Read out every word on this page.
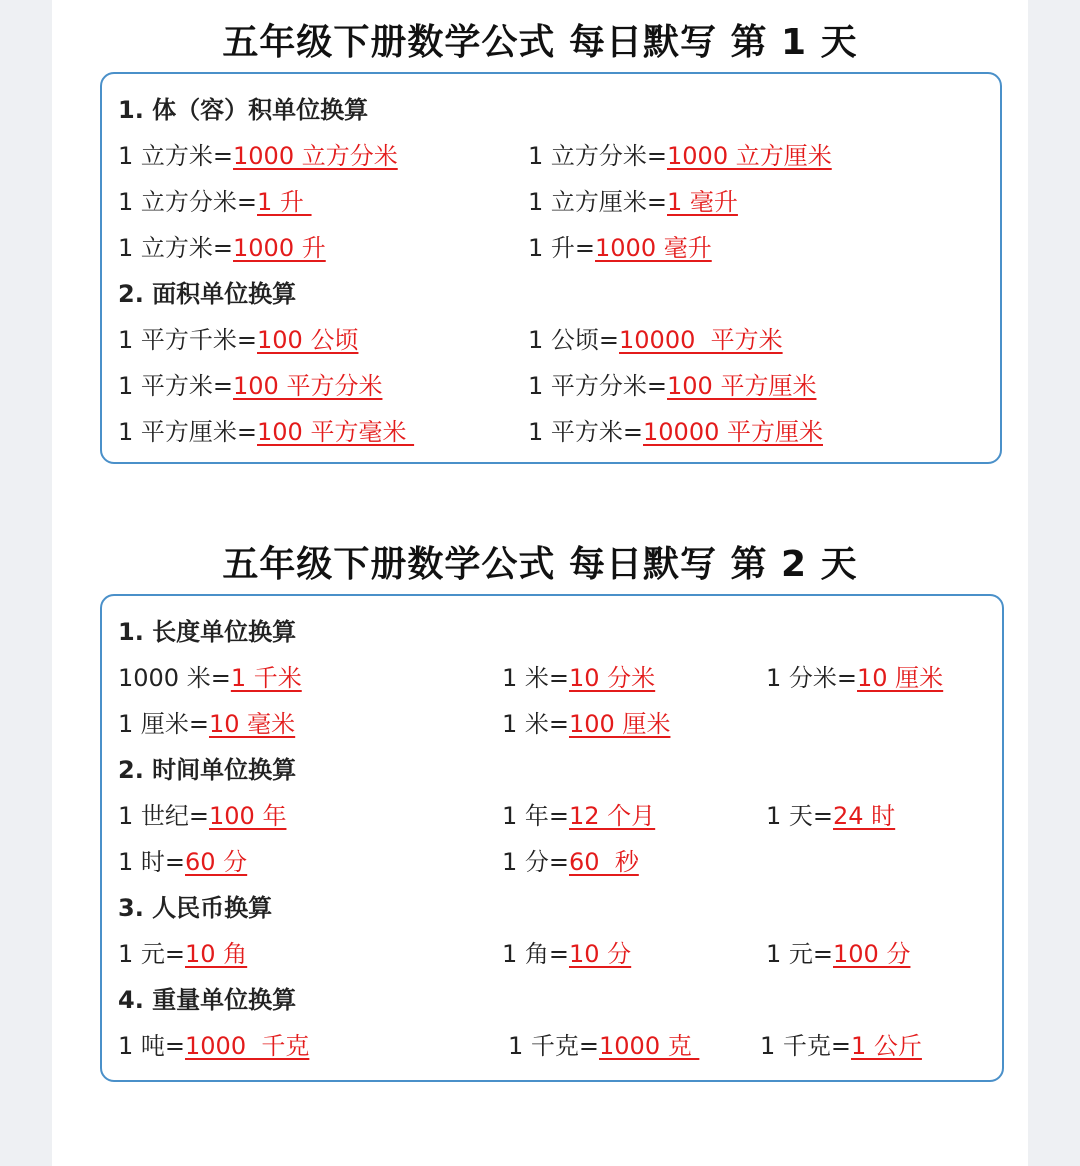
五年级下册数学公式 每日默写 第 1 天
1. 体（容）积单位换算
1 立方米=1000 立方分米	1 立方分米=1000 立方厘米
1 立方分米=1 升	1 立方厘米=1 毫升
1 立方米=1000 升	1 升=1000 毫升
2. 面积单位换算
1 平方千米=100 公顷	1 公顷=10000  平方米
1 平方米=100 平方分米	1 平方分米=100 平方厘米
1 平方厘米=100 平方毫米	1 平方米=10000 平方厘米
五年级下册数学公式 每日默写 第 2 天
1. 长度单位换算
1000 米=1 千米	1 米=10 分米	1 分米=10 厘米
1 厘米=10 毫米	1 米=100 厘米
2. 时间单位换算
1 世纪=100 年	1 年=12 个月	1 天=24 时
1 时=60 分	1 分=60  秒
3. 人民币换算
1 元=10 角	1 角=10 分	1 元=100 分
4. 重量单位换算
1 吨=1000  千克	1 千克=1000 克	1 千克=1 公斤
